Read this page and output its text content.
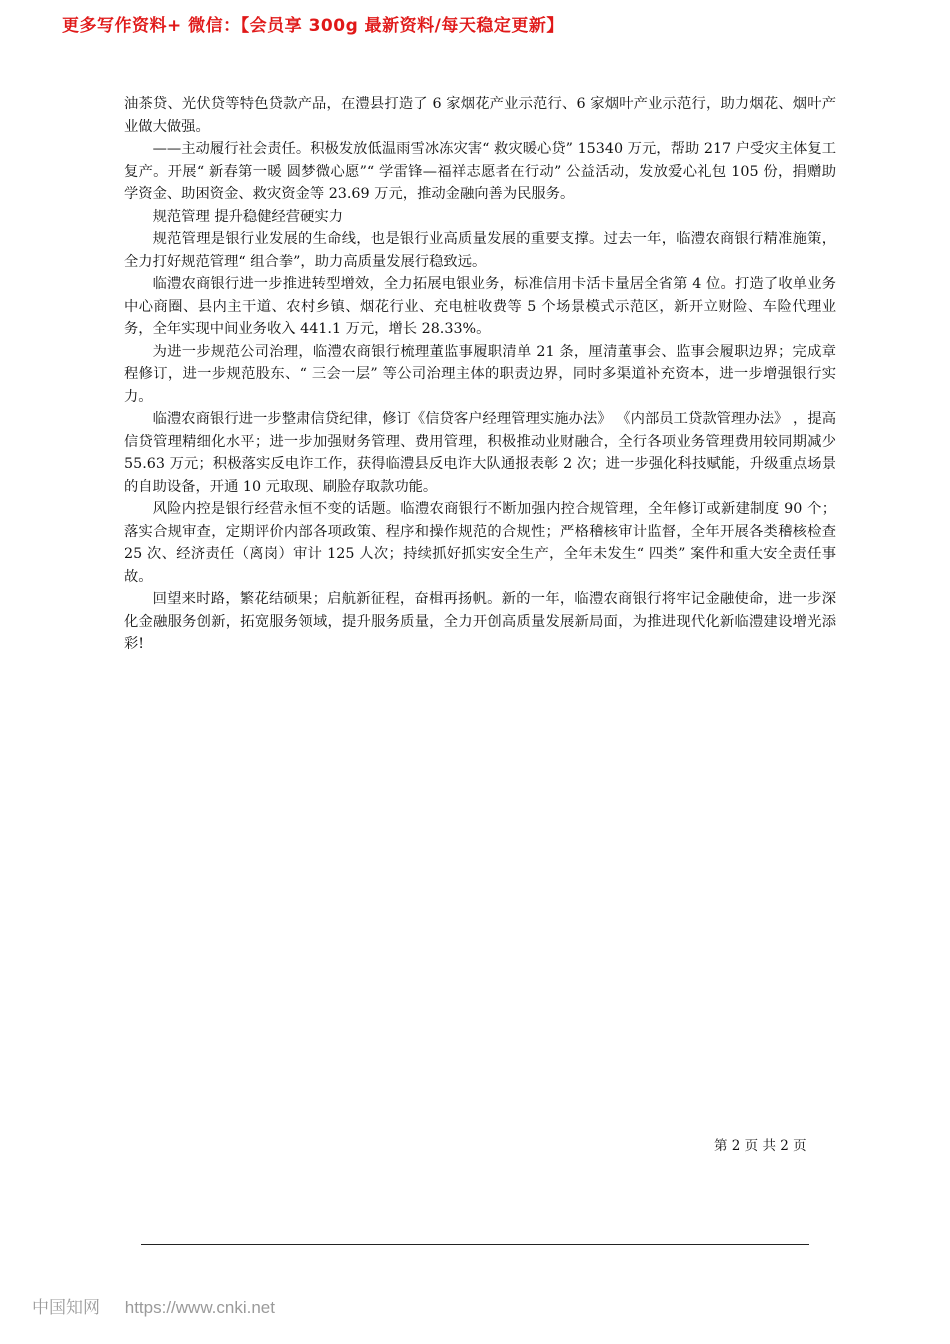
更多写作资料+ 微信：【会员享 300g 最新资料/每天稳定更新】

油茶贷、光伏贷等特色贷款产品，在澧县打造了 6 家烟花产业示范行、6 家烟叶产业示范行，助力烟花、烟叶产业做大做强。

——主动履行社会责任。积极发放低温雨雪冰冻灾害“ 救灾暖心贷” 15340 万元，帮助 217 户受灾主体复工复产。开展“ 新春第一暖 圆梦微心愿”“ 学雷锋—福祥志愿者在行动” 公益活动，发放爱心礼包 105 份，捐赠助学资金、助困资金、救灾资金等 23.69 万元，推动金融向善为民服务。

规范管理 提升稳健经营硬实力

规范管理是银行业发展的生命线，也是银行业高质量发展的重要支撑。过去一年，临澧农商银行精准施策，全力打好规范管理“ 组合拳”，助力高质量发展行稳致远。

临澧农商银行进一步推进转型增效，全力拓展电银业务，标准信用卡活卡量居全省第 4 位。打造了收单业务中心商圈、县内主干道、农村乡镇、烟花行业、充电桩收费等 5 个场景模式示范区，新开立财险、车险代理业务，全年实现中间业务收入 441.1 万元，增长 28.33%。

为进一步规范公司治理，临澧农商银行梳理董监事履职清单 21 条，厘清董事会、监事会履职边界；完成章程修订，进一步规范股东、“ 三会一层” 等公司治理主体的职责边界，同时多渠道补充资本，进一步增强银行实力。

临澧农商银行进一步整肃信贷纪律，修订《信贷客户经理管理实施办法》 《内部员工贷款管理办法》 ，提高信贷管理精细化水平；进一步加强财务管理、费用管理，积极推动业财融合，全行各项业务管理费用较同期减少 55.63 万元；积极落实反电诈工作，获得临澧县反电诈大队通报表彰 2 次；进一步强化科技赋能，升级重点场景的自助设备，开通 10 元取现、刷脸存取款功能。

风险内控是银行经营永恒不变的话题。临澧农商银行不断加强内控合规管理，全年修订或新建制度 90 个；落实合规审查，定期评价内部各项政策、程序和操作规范的合规性；严格稽核审计监督，全年开展各类稽核检查 25 次、经济责任（离岗）审计 125 人次；持续抓好抓实安全生产，全年未发生“ 四类” 案件和重大安全责任事故。

回望来时路，繁花结硕果；启航新征程，奋楫再扬帆。新的一年，临澧农商银行将牢记金融使命，进一步深化金融服务创新，拓宽服务领域，提升服务质量，全力开创高质量发展新局面，为推进现代化新临澧建设增光添彩!

第 2 页 共 2 页
中国知网 https://www.cnki.net
